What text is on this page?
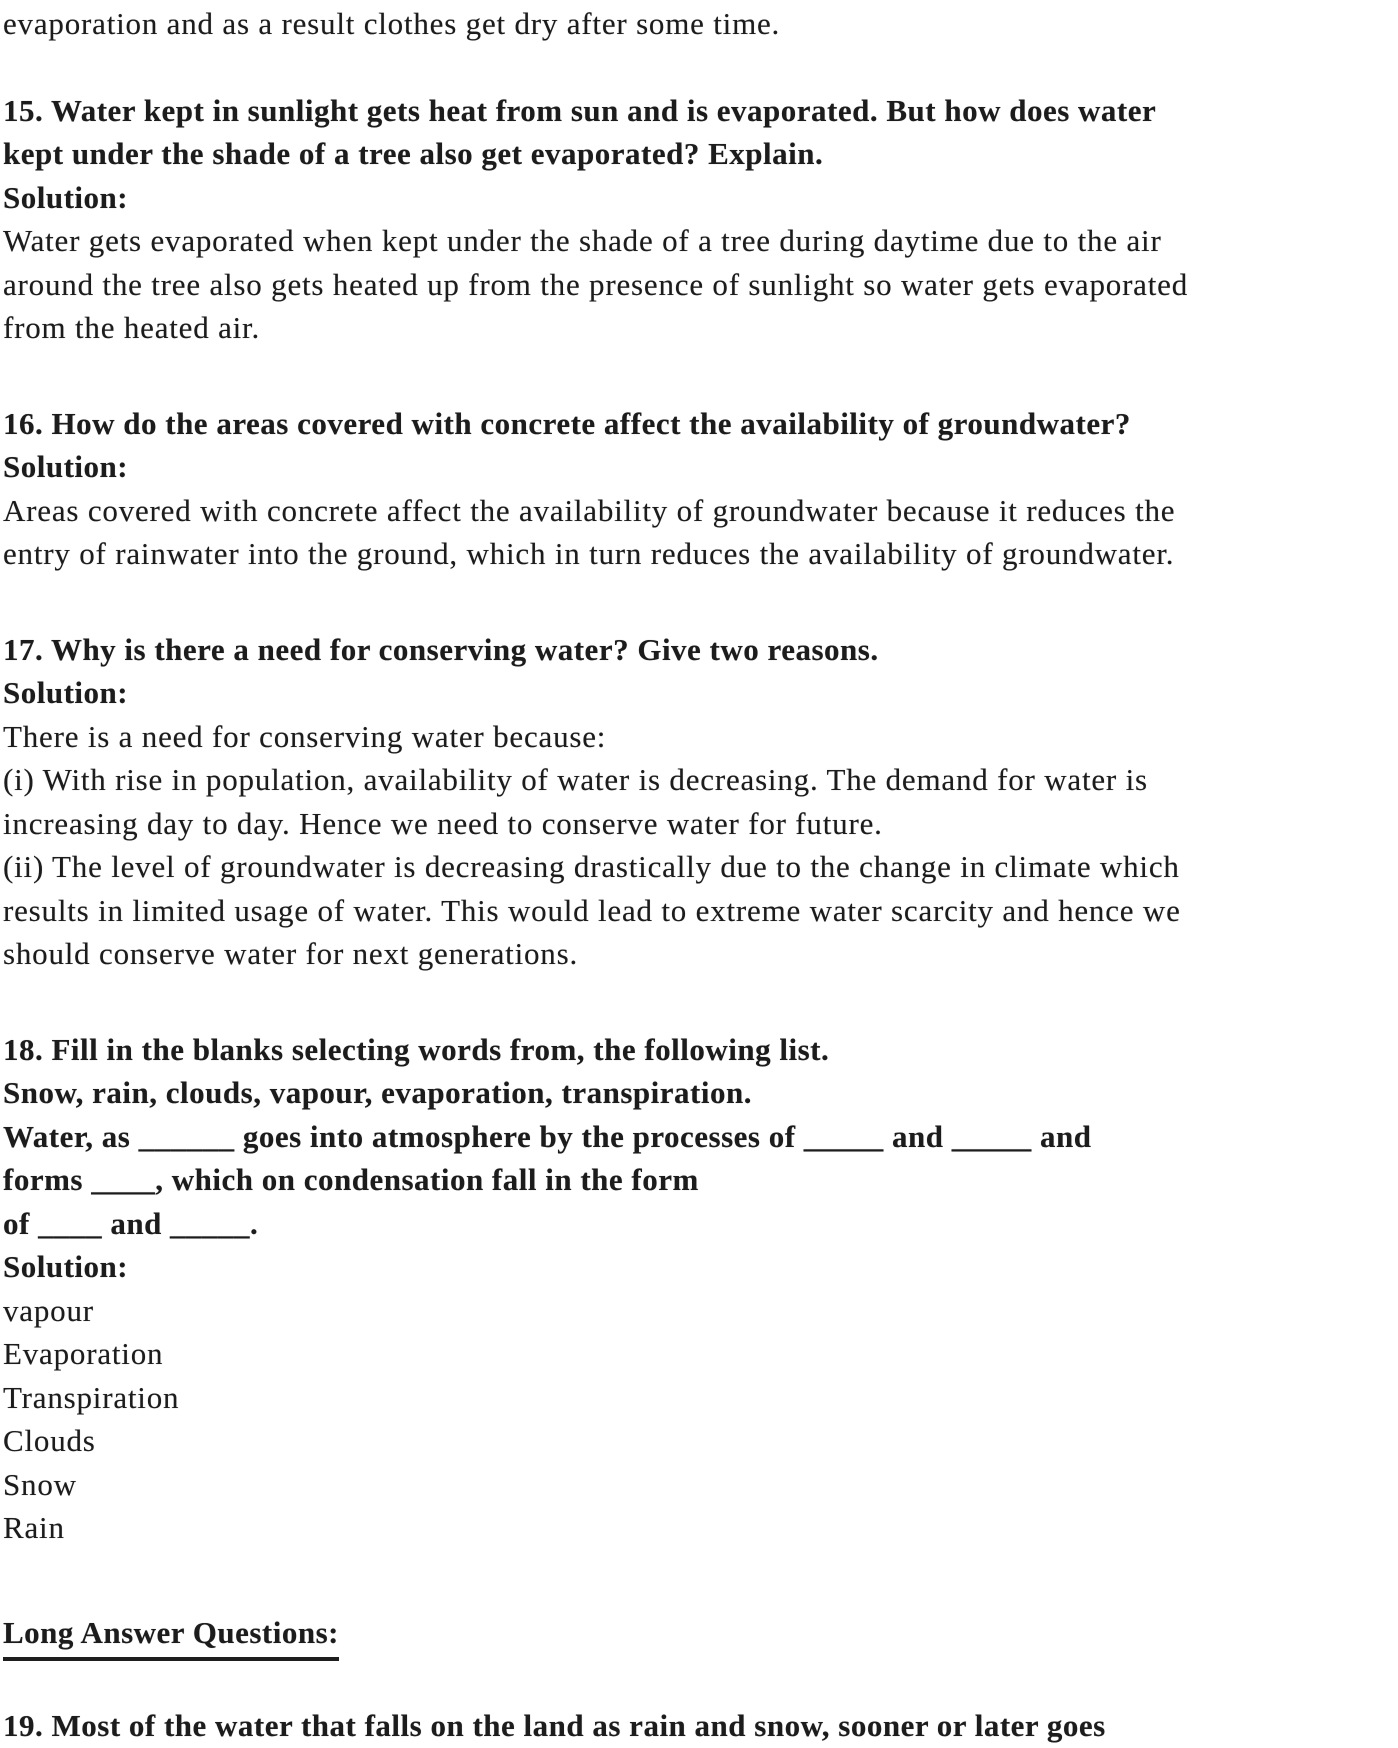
evaporation and as a result clothes get dry after some time.
15. Water kept in sunlight gets heat from sun and is evaporated. But how does water
kept under the shade of a tree also get evaporated? Explain.
Solution:
Water gets evaporated when kept under the shade of a tree during daytime due to the air
around the tree also gets heated up from the presence of sunlight so water gets evaporated
from the heated air.
16. How do the areas covered with concrete affect the availability of groundwater?
Solution:
Areas covered with concrete affect the availability of groundwater because it reduces the
entry of rainwater into the ground, which in turn reduces the availability of groundwater.
17. Why is there a need for conserving water? Give two reasons.
Solution:
There is a need for conserving water because:
(i) With rise in population, availability of water is decreasing. The demand for water is
increasing day to day. Hence we need to conserve water for future.
(ii) The level of groundwater is decreasing drastically due to the change in climate which
results in limited usage of water. This would lead to extreme water scarcity and hence we
should conserve water for next generations.
18. Fill in the blanks selecting words from, the following list.
Snow, rain, clouds, vapour, evaporation, transpiration.
Water, as ______ goes into atmosphere by the processes of _____ and _____ and
forms ____, which on condensation fall in the form
of ____ and _____.
Solution:
vapour
Evaporation
Transpiration
Clouds
Snow
Rain
Long Answer Questions:
19. Most of the water that falls on the land as rain and snow, sooner or later goes
